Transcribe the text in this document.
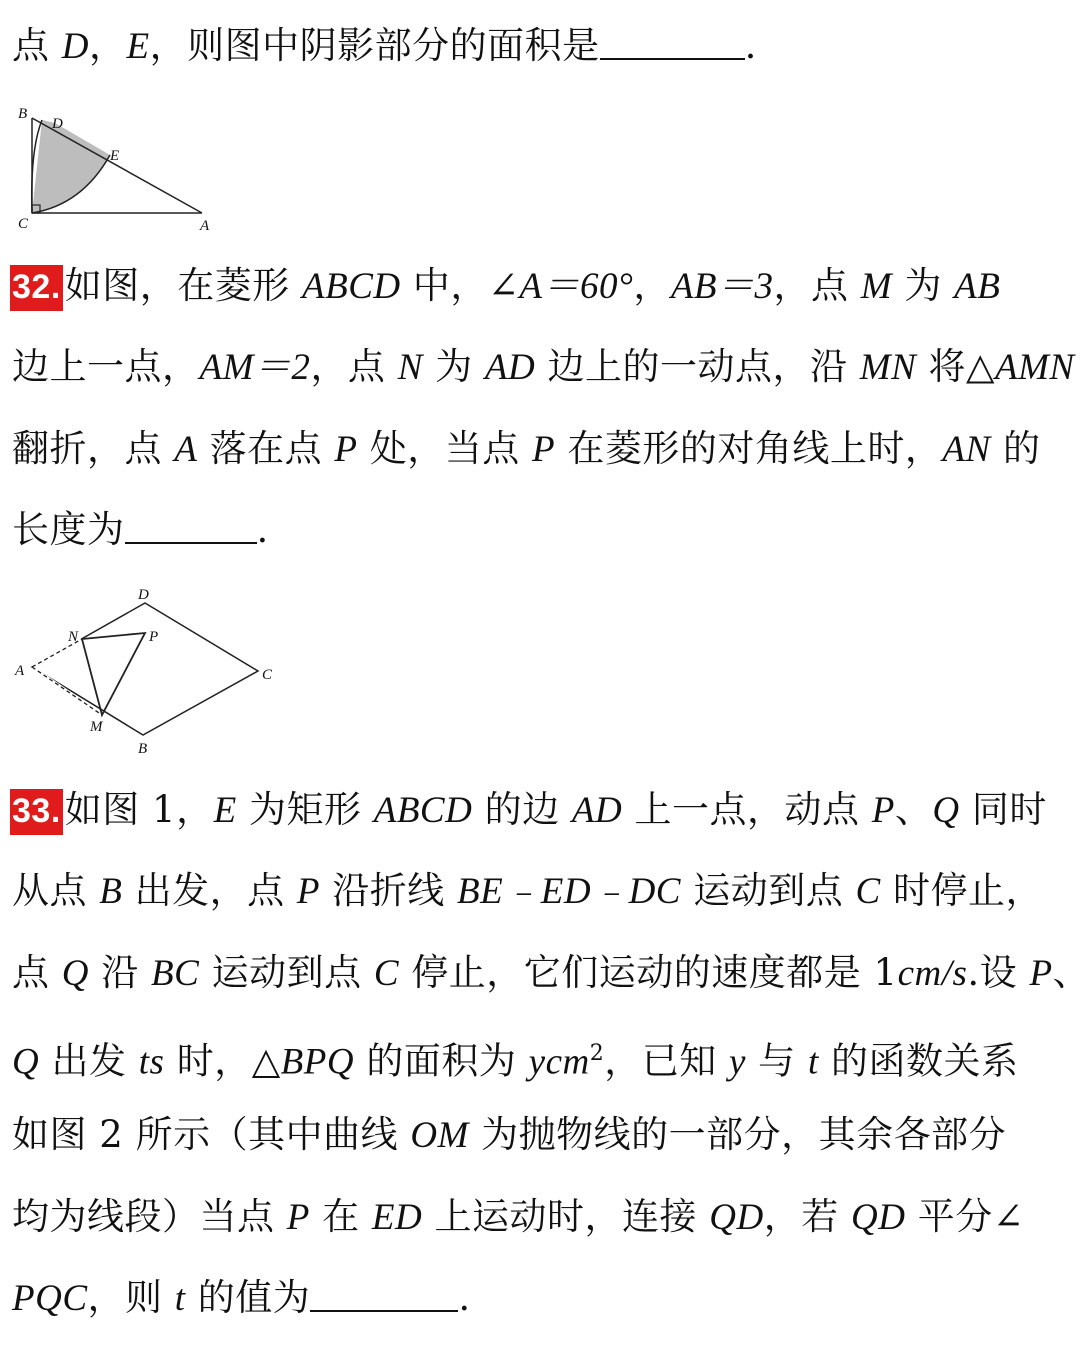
点 D，E，则图中阴影部分的面积是	.
B
D
E
C	A
32. 如图，在菱形 ABCD 中，∠A＝60°，AB＝3，点 M 为 AB
边上一点，AM＝2，点 N 为 AD 边上的一动点，沿 MN 将△AMN
翻折，点 A 落在点 P 处，当点 P 在菱形的对角线上时，AN 的
长度为	.
D
N	P
A	C
M
B
33. 如图 1，E 为矩形 ABCD 的边 AD 上一点，动点 P、Q 同时
从点 B 出发，点 P 沿折线 BE﹣ED﹣DC 运动到点 C 时停止，
点 Q 沿 BC 运动到点 C 停止，它们运动的速度都是 1cm/s.设 P、
Q 出发 ts 时，△BPQ 的面积为 ycm$^2$，已知 y 与 t 的函数关系
如图 2 所示（其中曲线 OM 为抛物线的一部分，其余各部分
均为线段）当点 P 在 ED 上运动时，连接 QD，若 QD 平分∠
PQC，则 t 的值为	.
